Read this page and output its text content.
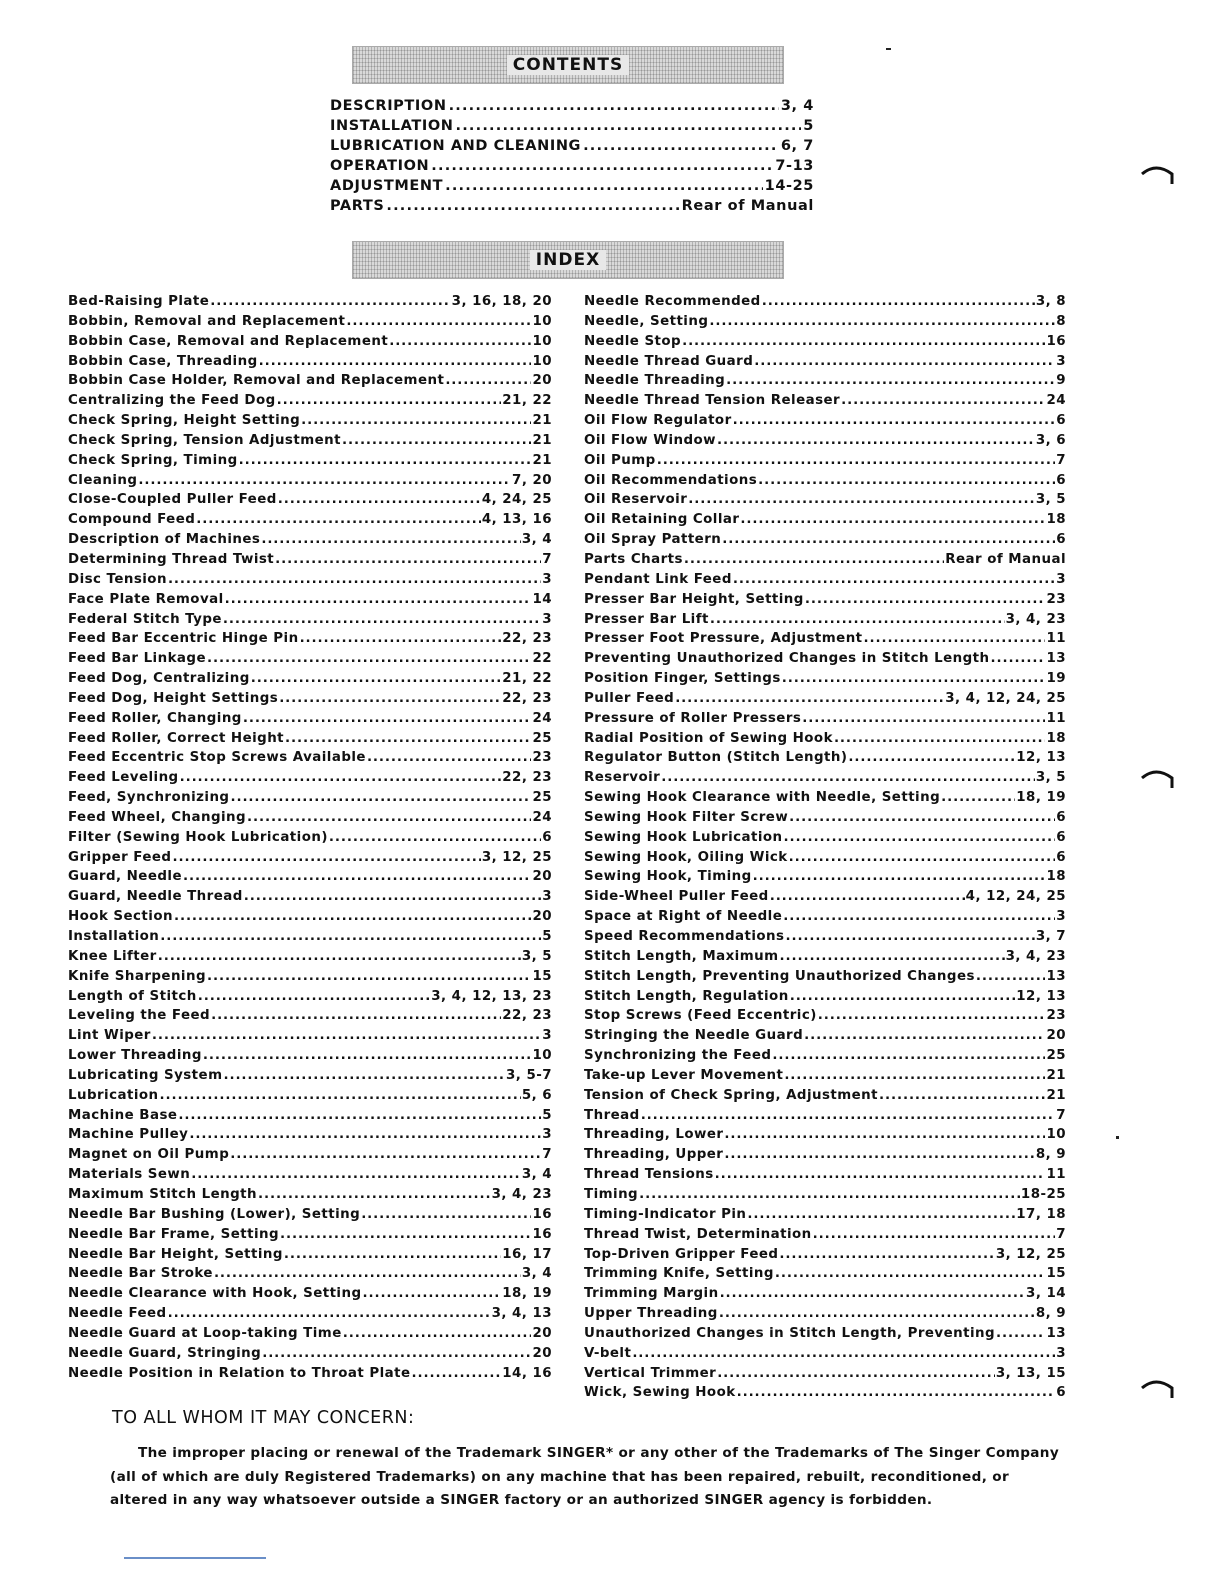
CONTENTS
DESCRIPTION .....	3, 4
INSTALLATION .....	5
LUBRICATION AND CLEANING .....	6, 7
OPERATION .....	7-13
ADJUSTMENT .....	14-25
PARTS .....	Rear of Manual
INDEX
Bed-Raising Plate .....	3, 16, 18, 20
Bobbin, Removal and Replacement .....	10
Bobbin Case, Removal and Replacement .....	10
Bobbin Case, Threading .....	10
Bobbin Case Holder, Removal and Replacement .....	20
Centralizing the Feed Dog .....	21, 22
Check Spring, Height Setting .....	21
Check Spring, Tension Adjustment .....	21
Check Spring, Timing .....	21
Cleaning .....	7, 20
Close-Coupled Puller Feed .....	4, 24, 25
Compound Feed .....	4, 13, 16
Description of Machines .....	3, 4
Determining Thread Twist .....	7
Disc Tension .....	3
Face Plate Removal .....	14
Federal Stitch Type .....	3
Feed Bar Eccentric Hinge Pin .....	22, 23
Feed Bar Linkage .....	22
Feed Dog, Centralizing .....	21, 22
Feed Dog, Height Settings .....	22, 23
Feed Roller, Changing .....	24
Feed Roller, Correct Height .....	25
Feed Eccentric Stop Screws Available .....	23
Feed Leveling .....	22, 23
Feed, Synchronizing .....	25
Feed Wheel, Changing .....	24
Filter (Sewing Hook Lubrication) .....	6
Gripper Feed .....	3, 12, 25
Guard, Needle .....	20
Guard, Needle Thread .....	3
Hook Section .....	20
Installation .....	5
Knee Lifter .....	3, 5
Knife Sharpening .....	15
Length of Stitch .....	3, 4, 12, 13, 23
Leveling the Feed .....	22, 23
Lint Wiper .....	3
Lower Threading .....	10
Lubricating System .....	3, 5-7
Lubrication .....	5, 6
Machine Base .....	5
Machine Pulley .....	3
Magnet on Oil Pump .....	7
Materials Sewn .....	3, 4
Maximum Stitch Length .....	3, 4, 23
Needle Bar Bushing (Lower), Setting .....	16
Needle Bar Frame, Setting .....	16
Needle Bar Height, Setting .....	16, 17
Needle Bar Stroke .....	3, 4
Needle Clearance with Hook, Setting .....	18, 19
Needle Feed .....	3, 4, 13
Needle Guard at Loop-taking Time .....	20
Needle Guard, Stringing .....	20
Needle Position in Relation to Throat Plate .....	14, 16
Needle Recommended .....	3, 8
Needle, Setting .....	8
Needle Stop .....	16
Needle Thread Guard .....	3
Needle Threading .....	9
Needle Thread Tension Releaser .....	24
Oil Flow Regulator .....	6
Oil Flow Window .....	3, 6
Oil Pump .....	7
Oil Recommendations .....	6
Oil Reservoir .....	3, 5
Oil Retaining Collar .....	18
Oil Spray Pattern .....	6
Parts Charts .....	Rear of Manual
Pendant Link Feed .....	3
Presser Bar Height, Setting .....	23
Presser Bar Lift .....	3, 4, 23
Presser Foot Pressure, Adjustment .....	11
Preventing Unauthorized Changes in Stitch Length .....	13
Position Finger, Settings .....	19
Puller Feed .....	3, 4, 12, 24, 25
Pressure of Roller Pressers .....	11
Radial Position of Sewing Hook .....	18
Regulator Button (Stitch Length) .....	12, 13
Reservoir .....	3, 5
Sewing Hook Clearance with Needle, Setting .....	18, 19
Sewing Hook Filter Screw .....	6
Sewing Hook Lubrication .....	6
Sewing Hook, Oiling Wick .....	6
Sewing Hook, Timing .....	18
Side-Wheel Puller Feed .....	4, 12, 24, 25
Space at Right of Needle .....	3
Speed Recommendations .....	3, 7
Stitch Length, Maximum .....	3, 4, 23
Stitch Length, Preventing Unauthorized Changes .....	13
Stitch Length, Regulation .....	12, 13
Stop Screws (Feed Eccentric) .....	23
Stringing the Needle Guard .....	20
Synchronizing the Feed .....	25
Take-up Lever Movement .....	21
Tension of Check Spring, Adjustment .....	21
Thread .....	7
Threading, Lower .....	10
Threading, Upper .....	8, 9
Thread Tensions .....	11
Timing .....	18-25
Timing-Indicator Pin .....	17, 18
Thread Twist, Determination .....	7
Top-Driven Gripper Feed .....	3, 12, 25
Trimming Knife, Setting .....	15
Trimming Margin .....	3, 14
Upper Threading .....	8, 9
Unauthorized Changes in Stitch Length, Preventing .....	13
V-belt .....	3
Vertical Trimmer .....	3, 13, 15
Wick, Sewing Hook .....	6
TO ALL WHOM IT MAY CONCERN:
The improper placing or renewal of the Trademark SINGER* or any other of the Trademarks of The Singer Company (all of which are duly Registered Trademarks) on any machine that has been repaired, rebuilt, reconditioned, or altered in any way whatsoever outside a SINGER factory or an authorized SINGER agency is forbidden.
